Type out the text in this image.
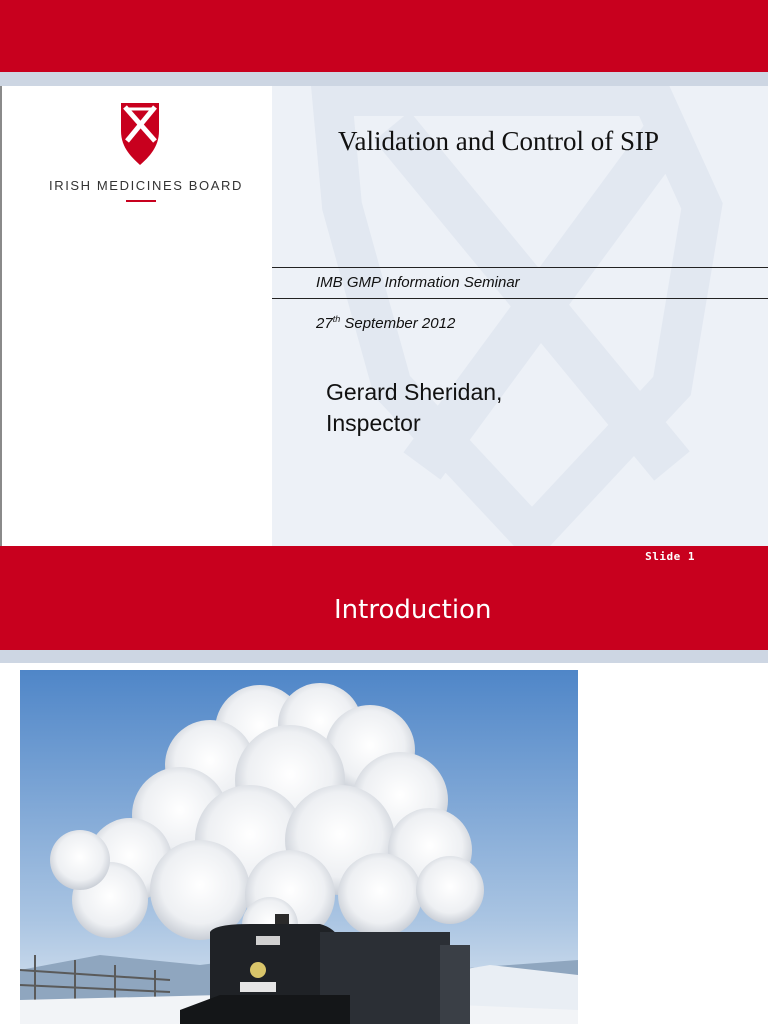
IRISH MEDICINES BOARD
Validation and Control of SIP
IMB GMP Information Seminar
27th September 2012
Gerard Sheridan,
Inspector
Slide 1
Introduction
